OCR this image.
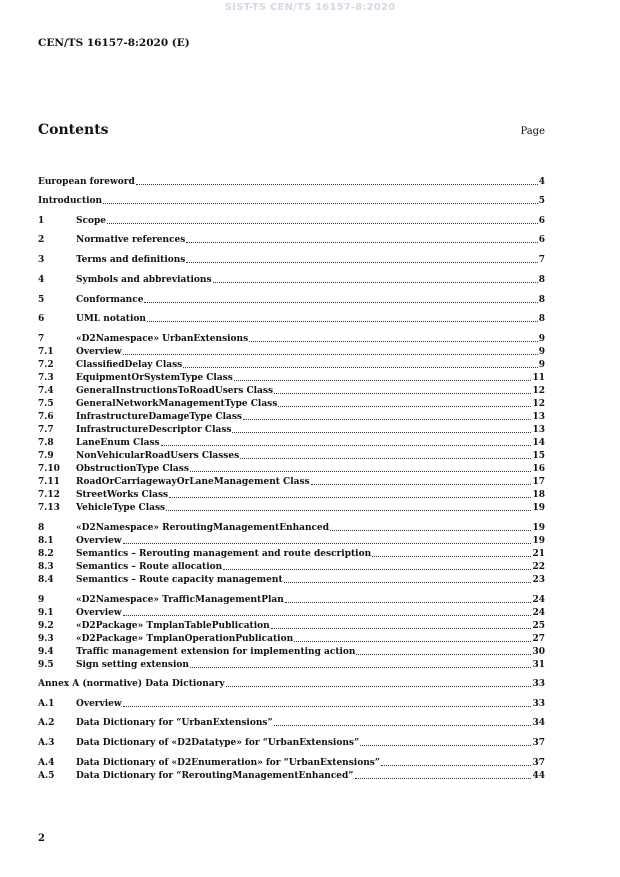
SIST-TS CEN/TS 16157-8:2020
CEN/TS 16157-8:2020 (E)
Contents	Page
European foreword	4
Introduction	5
1	Scope	6
2	Normative references	6
3	Terms and definitions	7
4	Symbols and abbreviations	8
5	Conformance	8
6	UML notation	8
7	«D2Namespace» UrbanExtensions	9
7.1	Overview	9
7.2	ClassifiedDelay Class	9
7.3	EquipmentOrSystemType Class	11
7.4	GeneralInstructionsToRoadUsers Class	12
7.5	GeneralNetworkManagementType Class	12
7.6	InfrastructureDamageType Class	13
7.7	InfrastructureDescriptor Class	13
7.8	LaneEnum Class	14
7.9	NonVehicularRoadUsers Classes	15
7.10	ObstructionType Class	16
7.11	RoadOrCarriagewayOrLaneManagement Class	17
7.12	StreetWorks Class	18
7.13	VehicleType Class	19
8	«D2Namespace» ReroutingManagementEnhanced	19
8.1	Overview	19
8.2	Semantics – Rerouting management and route description	21
8.3	Semantics – Route allocation	22
8.4	Semantics – Route capacity management	23
9	«D2Namespace» TrafficManagementPlan	24
9.1	Overview	24
9.2	«D2Package» TmplanTablePublication	25
9.3	«D2Package» TmplanOperationPublication	27
9.4	Traffic management extension for implementing action	30
9.5	Sign setting extension	31
Annex A (normative) Data Dictionary	33
A.1	Overview	33
A.2	Data Dictionary for “UrbanExtensions”	34
A.3	Data Dictionary of «D2Datatype» for “UrbanExtensions”	37
A.4	Data Dictionary of «D2Enumeration» for “UrbanExtensions”	37
A.5	Data Dictionary for “ReroutingManagementEnhanced”	44
2
